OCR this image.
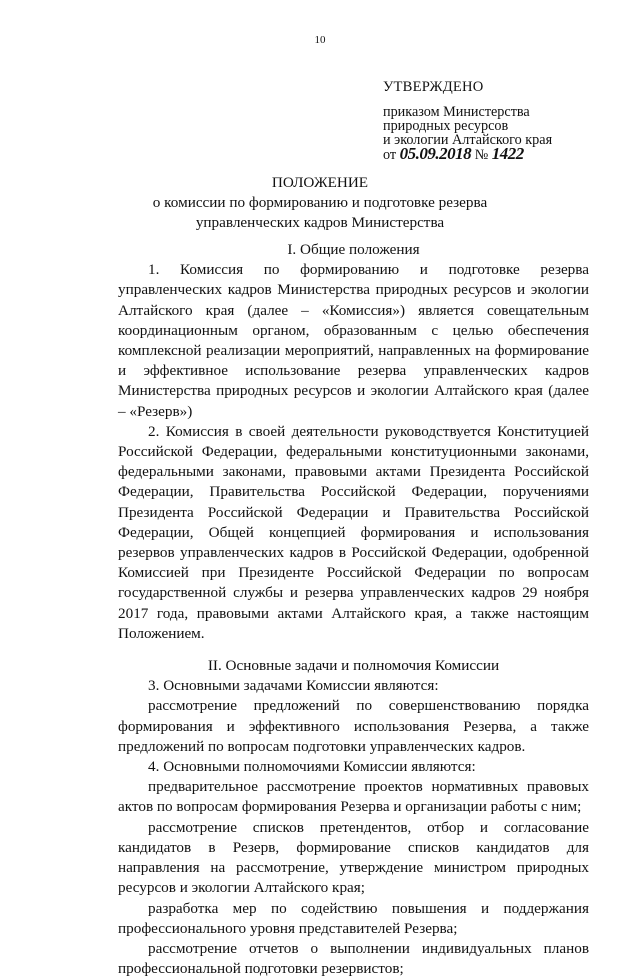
10
УТВЕРЖДЕНО
приказом Министерства
природных ресурсов
и экологии Алтайского края
от 05.09.2018 № 1422
ПОЛОЖЕНИЕ
о комиссии по формированию и подготовке резерва
управленческих кадров Министерства
I. Общие положения

1. Комиссия по формированию и подготовке резерва управленческих кадров Министерства природных ресурсов и экологии Алтайского края (далее – «Комиссия») является совещательным координационным органом, образованным с целью обеспечения комплексной реализации мероприятий, направленных на формирование и эффективное использование резерва управленческих кадров Министерства природных ресурсов и экологии Алтайского края (далее – «Резерв»)

2. Комиссия в своей деятельности руководствуется Конституцией Российской Федерации, федеральными конституционными законами, федеральными законами, правовыми актами Президента Российской Федерации, Правительства Российской Федерации, поручениями Президента Российской Федерации и Правительства Российской Федерации, Общей концепцией формирования и использования резервов управленческих кадров в Российской Федерации, одобренной Комиссией при Президенте Российской Федерации по вопросам государственной службы и резерва управленческих кадров 29 ноября 2017 года, правовыми актами Алтайского края, а также настоящим Положением.

II. Основные задачи и полномочия Комиссии

3. Основными задачами Комиссии являются:

рассмотрение предложений по совершенствованию порядка формирования и эффективного использования Резерва, а также предложений по вопросам подготовки управленческих кадров.

4. Основными полномочиями Комиссии являются:

предварительное рассмотрение проектов нормативных правовых актов по вопросам формирования Резерва и организации работы с ним;

рассмотрение списков претендентов, отбор и согласование кандидатов в Резерв, формирование списков кандидатов для направления на рассмотрение, утверждение министром природных ресурсов и экологии Алтайского края;

разработка мер по содействию повышения и поддержания профессионального уровня представителей Резерва;

рассмотрение отчетов о выполнении индивидуальных планов профессиональной подготовки резервистов;
